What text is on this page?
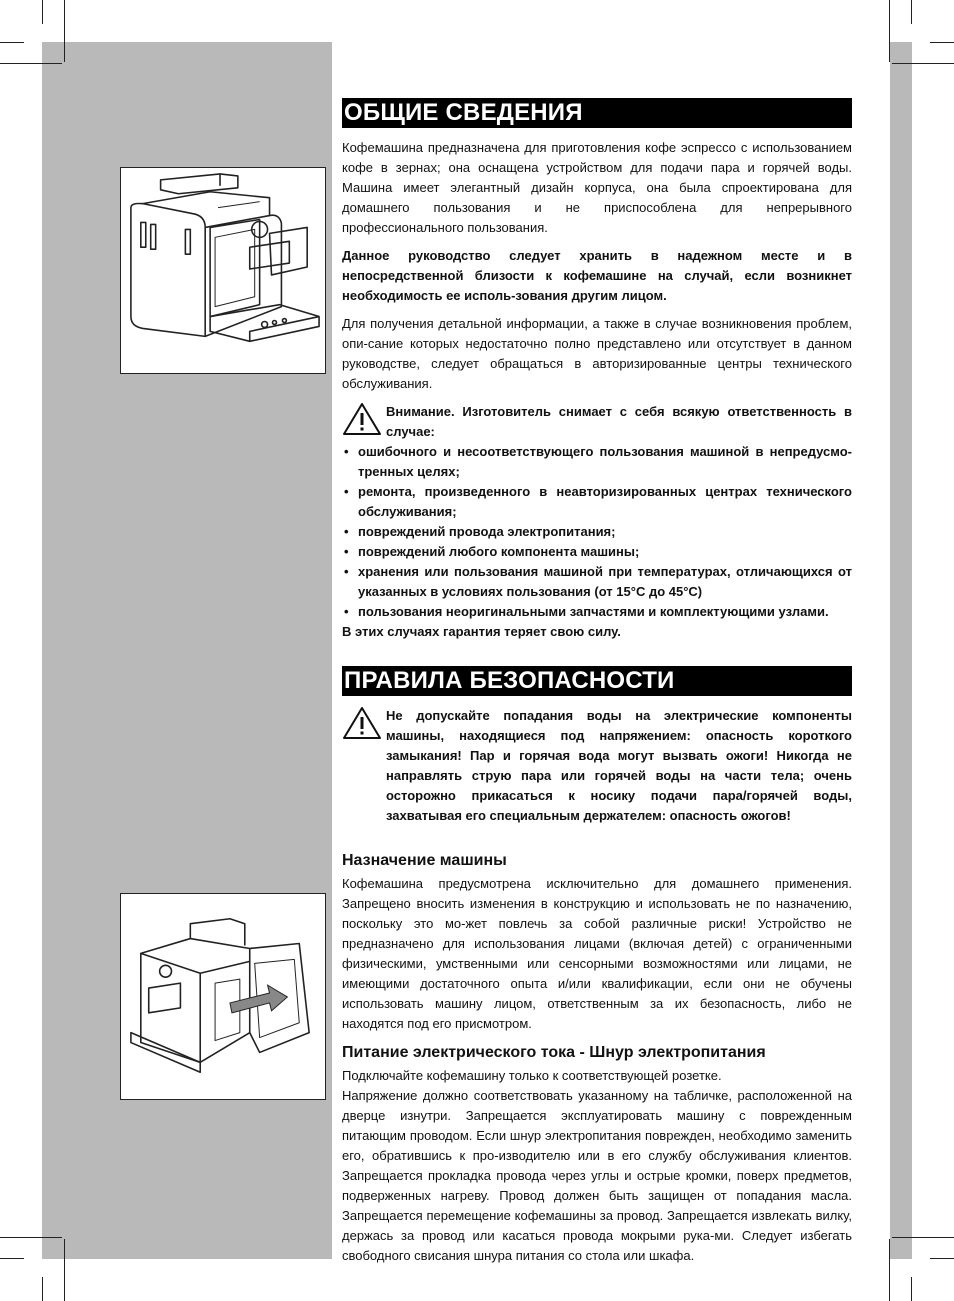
ОБЩИЕ СВЕДЕНИЯ

Кофемашина предназначена для приготовления кофе эспрессо с использованием кофе в зернах; она оснащена устройством для подачи пара и горячей воды. Машина имеет элегантный дизайн корпуса, она была спроектирована для домашнего пользования и не приспособлена для непрерывного профессионального пользования.

Данное руководство следует хранить в надежном месте и в непосредственной близости к кофемашине на случай, если возникнет необходимость ее исполь-зования другим лицом.

Для получения детальной информации, а также в случае возникновения проблем, опи-сание которых недостаточно полно представлено или отсутствует в данном руководстве, следует обращаться в авторизированные центры технического обслуживания.

Внимание. Изготовитель снимает с себя всякую ответственность в случае:
• ошибочного и несоответствующего пользования машиной в непредусмо-тренных целях;
• ремонта, произведенного в неавторизированных центрах технического обслуживания;
• повреждений провода электропитания;
• повреждений любого компонента машины;
• хранения или пользования машиной при температурах, отличающихся от указанных в условиях пользования (от 15°C до 45°C)
• пользования неоригинальными запчастями и комплектующими узлами.

В этих случаях гарантия теряет свою силу.

ПРАВИЛА БЕЗОПАСНОСТИ
Не допускайте попадания воды на электрические компоненты машины, находящиеся под напряжением: опасность короткого замыкания! Пар и горячая вода могут вызвать ожоги! Никогда не направлять струю пара или горячей воды на части тела; очень осторожно прикасаться к носику подачи пара/горячей воды, захватывая его специальным держателем: опасность ожогов!
Назначение машины

Кофемашина предусмотрена исключительно для домашнего применения. Запрещено вносить изменения в конструкцию и использовать не по назначению, поскольку это мо-жет повлечь за собой различные риски! Устройство не предназначено для использования лицами (включая детей) с ограниченными физическими, умственными или сенсорными возможностями или лицами, не имеющими достаточного опыта и/или квалификации, если они не обучены использовать машину лицом, ответственным за их безопасность, либо не находятся под его присмотром.

Питание электрического тока - Шнур электропитания

Подключайте кофемашину только к соответствующей розетке.

Напряжение должно соответствовать указанному на табличке, расположенной на дверце изнутри. Запрещается эксплуатировать машину с поврежденным питающим проводом. Если шнур электропитания поврежден, необходимо заменить его, обратившись к про-изводителю или в его службу обслуживания клиентов. Запрещается прокладка провода через углы и острые кромки, поверх предметов, подверженных нагреву. Провод должен быть защищен от попадания масла. Запрещается перемещение кофемашины за провод. Запрещается извлекать вилку, держась за провод или касаться провода мокрыми рука-ми. Следует избегать свободного свисания шнура питания со стола или шкафа.
